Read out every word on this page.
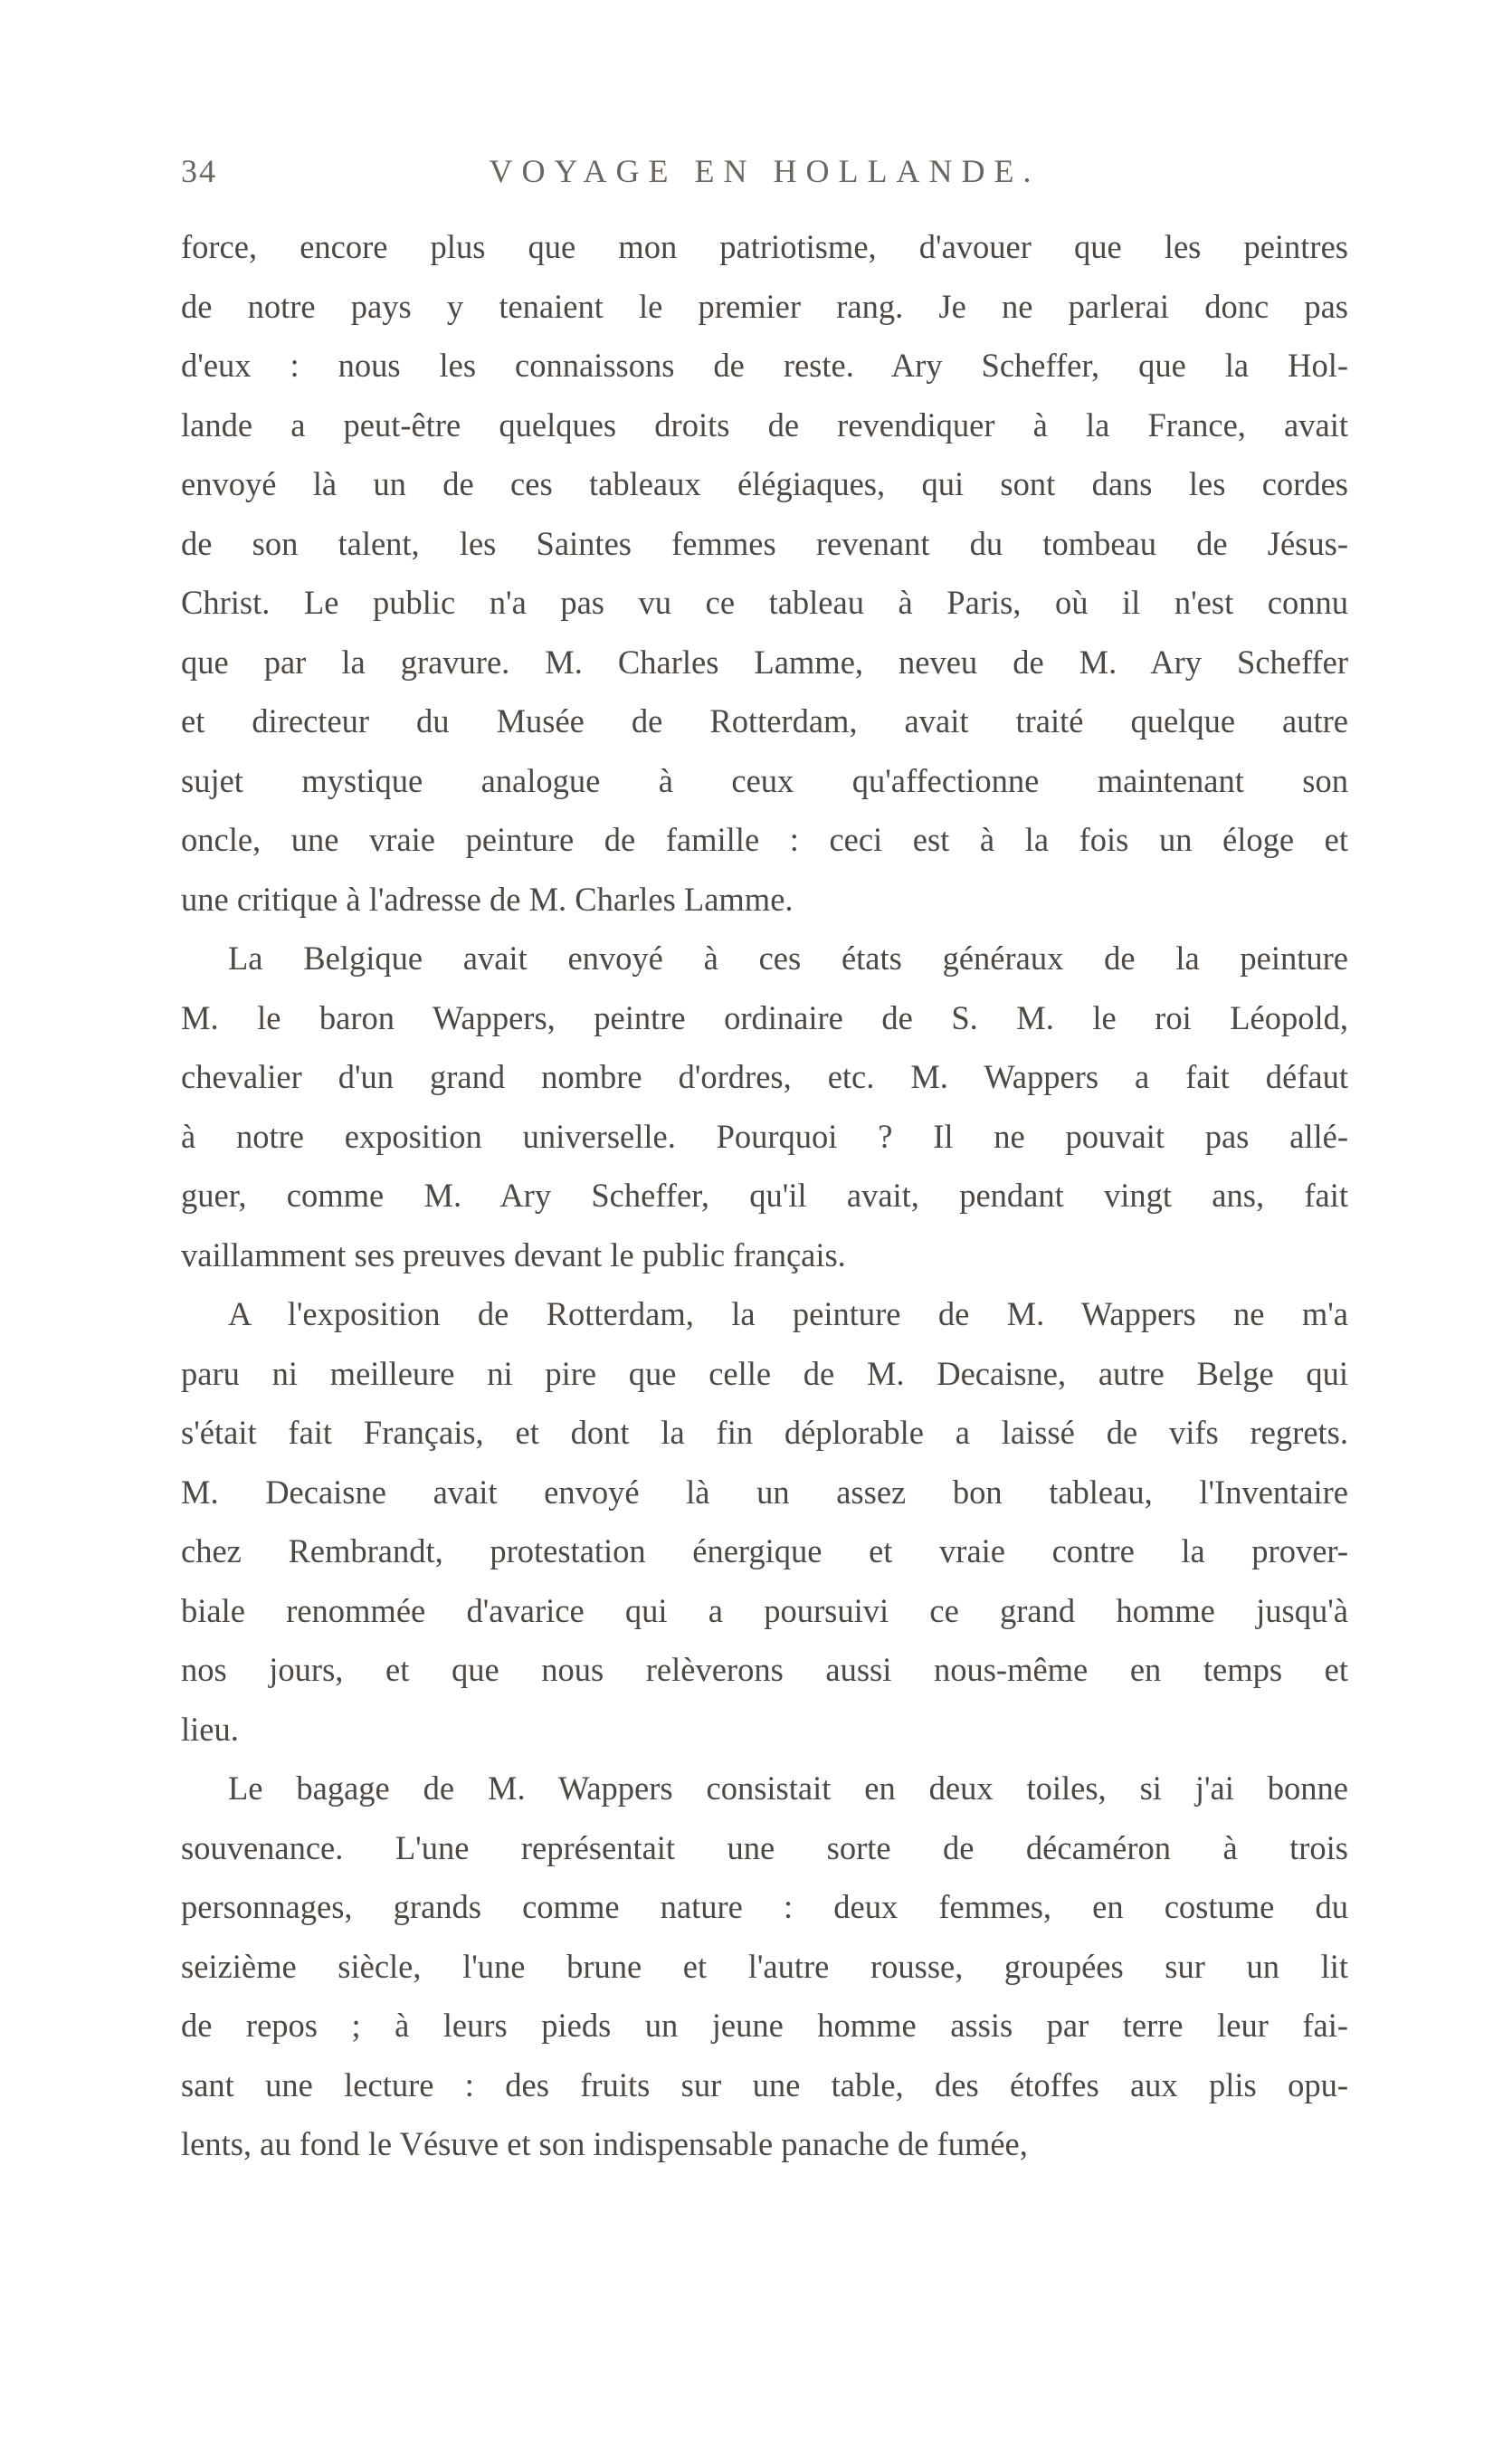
34	VOYAGE EN HOLLANDE.

force, encore plus que mon patriotisme, d'avouer que les peintres
de notre pays y tenaient le premier rang. Je ne parlerai donc pas
d'eux : nous les connaissons de reste. Ary Scheffer, que la Hol-
lande a peut-être quelques droits de revendiquer à la France, avait
envoyé là un de ces tableaux élégiaques, qui sont dans les cordes
de son talent, les Saintes femmes revenant du tombeau de Jésus-
Christ. Le public n'a pas vu ce tableau à Paris, où il n'est connu
que par la gravure. M. Charles Lamme, neveu de M. Ary Scheffer
et directeur du Musée de Rotterdam, avait traité quelque autre
sujet mystique analogue à ceux qu'affectionne maintenant son
oncle, une vraie peinture de famille : ceci est à la fois un éloge et
une critique à l'adresse de M. Charles Lamme.

La Belgique avait envoyé à ces états généraux de la peinture
M. le baron Wappers, peintre ordinaire de S. M. le roi Léopold,
chevalier d'un grand nombre d'ordres, etc. M. Wappers a fait défaut
à notre exposition universelle. Pourquoi ? Il ne pouvait pas allé-
guer, comme M. Ary Scheffer, qu'il avait, pendant vingt ans, fait
vaillamment ses preuves devant le public français.

A l'exposition de Rotterdam, la peinture de M. Wappers ne m'a
paru ni meilleure ni pire que celle de M. Decaisne, autre Belge qui
s'était fait Français, et dont la fin déplorable a laissé de vifs regrets.
M. Decaisne avait envoyé là un assez bon tableau, l'Inventaire
chez Rembrandt, protestation énergique et vraie contre la prover-
biale renommée d'avarice qui a poursuivi ce grand homme jusqu'à
nos jours, et que nous relèverons aussi nous-même en temps et
lieu.

Le bagage de M. Wappers consistait en deux toiles, si j'ai bonne
souvenance. L'une représentait une sorte de décaméron à trois
personnages, grands comme nature : deux femmes, en costume du
seizième siècle, l'une brune et l'autre rousse, groupées sur un lit
de repos ; à leurs pieds un jeune homme assis par terre leur fai-
sant une lecture : des fruits sur une table, des étoffes aux plis opu-
lents, au fond le Vésuve et son indispensable panache de fumée,
